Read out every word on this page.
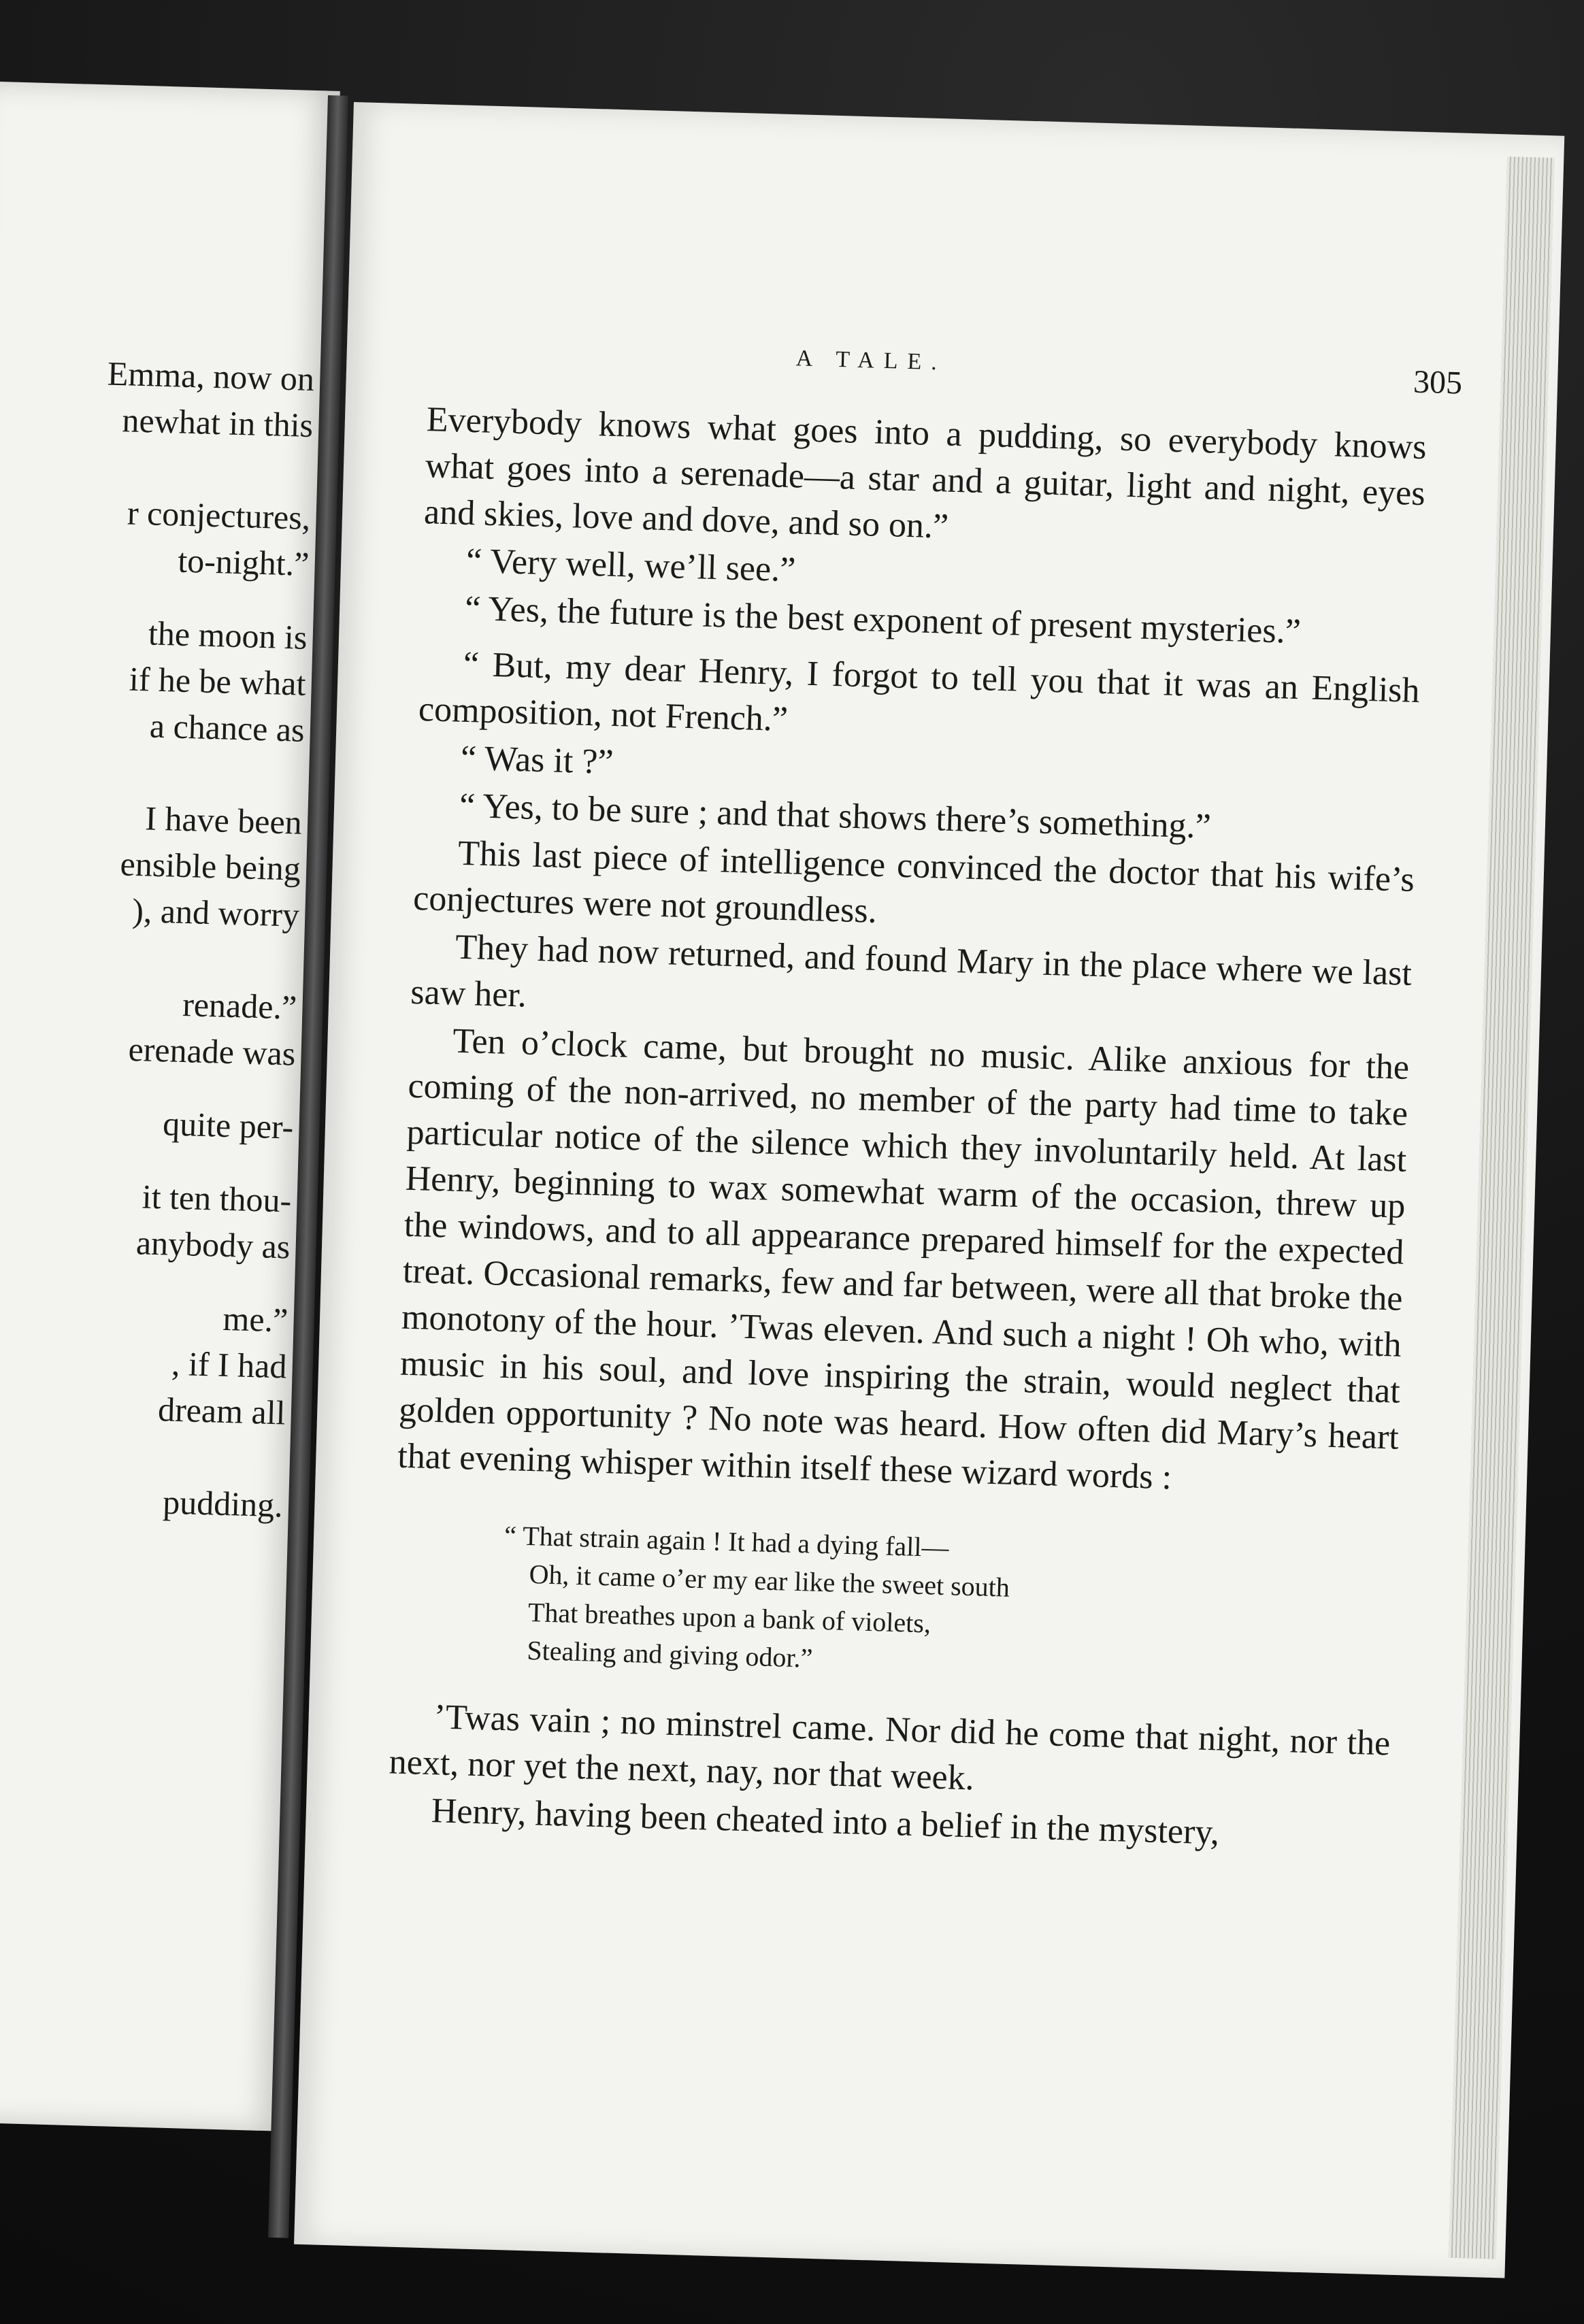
Emma, now on
newhat in this
r conjectures,
to-night.”
the moon is
if he be what
a chance as
I have been
ensible being
), and worry
renade.”
erenade was
quite per-
it ten thou-
anybody as
me.”
, if I had
dream all
pudding.
A TALE.
305
Everybody knows what goes into a pudding, so everybody knows what goes into a serenade—a star and a guitar, light and night, eyes and skies, love and dove, and so on.”
“ Very well, we’ll see.”
“ Yes, the future is the best exponent of present mysteries.”
“ But, my dear Henry, I forgot to tell you that it was an English composition, not French.”
“ Was it ?”
“ Yes, to be sure ; and that shows there’s something.”
This last piece of intelligence convinced the doctor that his wife’s conjectures were not groundless.
They had now returned, and found Mary in the place where we last saw her.
Ten o’clock came, but brought no music. Alike anxious for the coming of the non-arrived, no member of the party had time to take particular notice of the silence which they involuntarily held. At last Henry, beginning to wax somewhat warm of the occasion, threw up the windows, and to all appearance prepared himself for the expected treat. Occasional remarks, few and far between, were all that broke the monotony of the hour. ’Twas eleven. And such a night ! Oh who, with music in his soul, and love inspiring the strain, would neglect that golden opportunity ? No note was heard. How often did Mary’s heart that evening whisper within itself these wizard words :
“ That strain again ! It had a dying fall—
Oh, it came o’er my ear like the sweet south
That breathes upon a bank of violets,
Stealing and giving odor.”
’Twas vain ; no minstrel came. Nor did he come that night, nor the next, nor yet the next, nay, nor that week.
Henry, having been cheated into a belief in the mystery,
